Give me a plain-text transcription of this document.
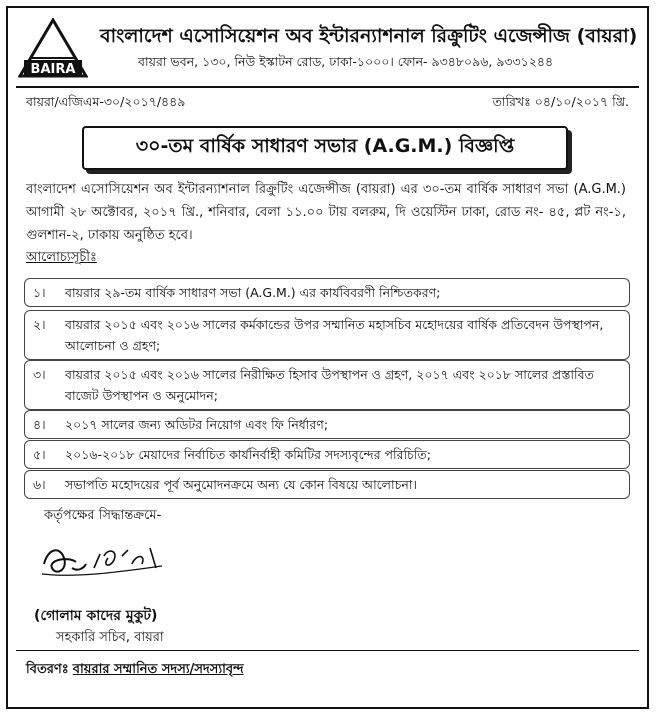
BAIRA
বাংলাদেশ এসোসিয়েশন অব ইন্টারন্যাশনাল রিক্রুটিং এজেন্সীজ (বায়রা)
বায়রা ভবন, ১৩০, নিউ ইস্কাটন রোড, ঢাকা-১০০০। ফোন- ৯৩৪৮০৯৬, ৯৩৩১২৪৪
বায়রা/এজিএম-৩০/২০১৭/৪৪৯	তারিখঃ ০৪/১০/২০১৭ খ্রি.
৩০-তম বার্ষিক সাধারণ সভার (A.G.M.) বিজ্ঞপ্তি
বাংলাদেশ এসোসিয়েশন অব ইন্টারন্যাশনাল রিক্রুটিং এজেন্সীজ (বায়রা) এর ৩০-তম বার্ষিক সাধারণ সভা (A.G.M.) আগামী ২৮ অক্টোবর, ২০১৭ খ্রি., শনিবার, বেলা ১১.০০ টায় বলরুম, দি ওয়েস্টিন ঢাকা, রোড নং- ৪৫, প্লট নং-১, গুলশান-২, ঢাকায় অনুষ্ঠিত হবে।
আলোচ্যসূচীঃ
১।	বায়রার ২৯-তম বার্ষিক সাধারণ সভা (A.G.M.) এর কার্যবিবরণী নিশ্চিতকরণ;
২।	বায়রার ২০১৫ এবং ২০১৬ সালের কর্মকান্ডের উপর সম্মানিত মহাসচিব মহোদয়ের বার্ষিক প্রতিবেদন উপস্থাপন, আলোচনা ও গ্রহণ;
৩।	বায়রার ২০১৫ এবং ২০১৬ সালের নিরীক্ষিত হিসাব উপস্থাপন ও গ্রহণ, ২০১৭ এবং ২০১৮ সালের প্রস্তাবিত বাজেট উপস্থাপন ও অনুমোদন;
৪।	২০১৭ সালের জন্য অডিটর নিয়োগ এবং ফি নির্ধারণ;
৫।	২০১৬-২০১৮ মেয়াদের নির্বাচিত কার্যনির্বাহী কমিটির সদস্যবৃন্দের পরিচিতি;
৬।	সভাপতি মহোদয়ের পূর্ব অনুমোদনক্রমে অন্য যে কোন বিষয়ে আলোচনা।
কর্তৃপক্ষের সিদ্ধান্তক্রমে-
(গোলাম কাদের মুকুট)
সহকারি সচিব, বায়রা
বিতরণঃ বায়রার সম্মানিত সদস্য/সদস্যাবৃন্দ
